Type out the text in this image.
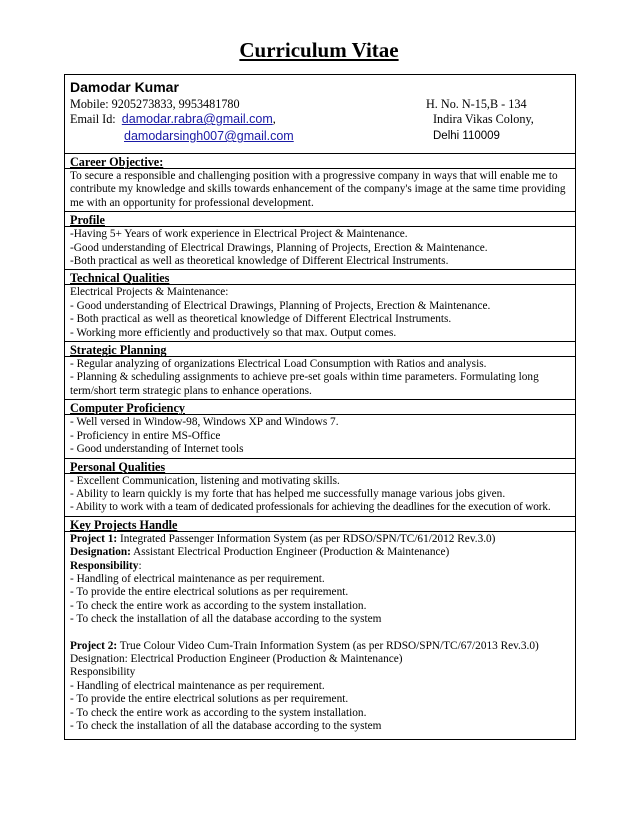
Curriculum Vitae
Damodar Kumar
Mobile: 9205273833, 9953481780
Email Id: damodar.rabra@gmail.com,
damodarsingh007@gmail.com
H. No. N-15,B - 134
Indira Vikas Colony,
Delhi 110009
Career Objective:

To secure a responsible and challenging position with a progressive company in ways that will enable me to contribute my knowledge and skills towards enhancement of the company's image at the same time providing me with an opportunity for professional development.

Profile

-Having 5+ Years of work experience in Electrical Project & Maintenance.

-Good understanding of Electrical Drawings, Planning of Projects, Erection & Maintenance.

-Both practical as well as theoretical knowledge of Different Electrical Instruments.

Technical Qualities

Electrical Projects & Maintenance:

- Good understanding of Electrical Drawings, Planning of Projects, Erection & Maintenance.

- Both practical as well as theoretical knowledge of Different Electrical Instruments.

- Working more efficiently and productively so that max. Output comes.

Strategic Planning

- Regular analyzing of organizations Electrical Load Consumption with Ratios and analysis.

- Planning & scheduling assignments to achieve pre-set goals within time parameters. Formulating long term/short term strategic plans to enhance operations.

Computer Proficiency

- Well versed in Window-98, Windows XP and Windows 7.

- Proficiency in entire MS-Office

- Good understanding of Internet tools

Personal Qualities

- Excellent Communication, listening and motivating skills.

- Ability to learn quickly is my forte that has helped me successfully manage various jobs given.

- Ability to work with a team of dedicated professionals for achieving the deadlines for the execution of work.

Key Projects Handle

Project 1: Integrated Passenger Information System (as per RDSO/SPN/TC/61/2012 Rev.3.0)

Designation: Assistant Electrical Production Engineer (Production & Maintenance)

Responsibility:

- Handling of electrical maintenance as per requirement.

- To provide the entire electrical solutions as per requirement.

- To check the entire work as according to the system installation.

- To check the installation of all the database according to the system

Project 2: True Colour Video Cum-Train Information System (as per RDSO/SPN/TC/67/2013 Rev.3.0)

Designation: Electrical Production Engineer (Production & Maintenance)

Responsibility

- Handling of electrical maintenance as per requirement.

- To provide the entire electrical solutions as per requirement.

- To check the entire work as according to the system installation.

- To check the installation of all the database according to the system
